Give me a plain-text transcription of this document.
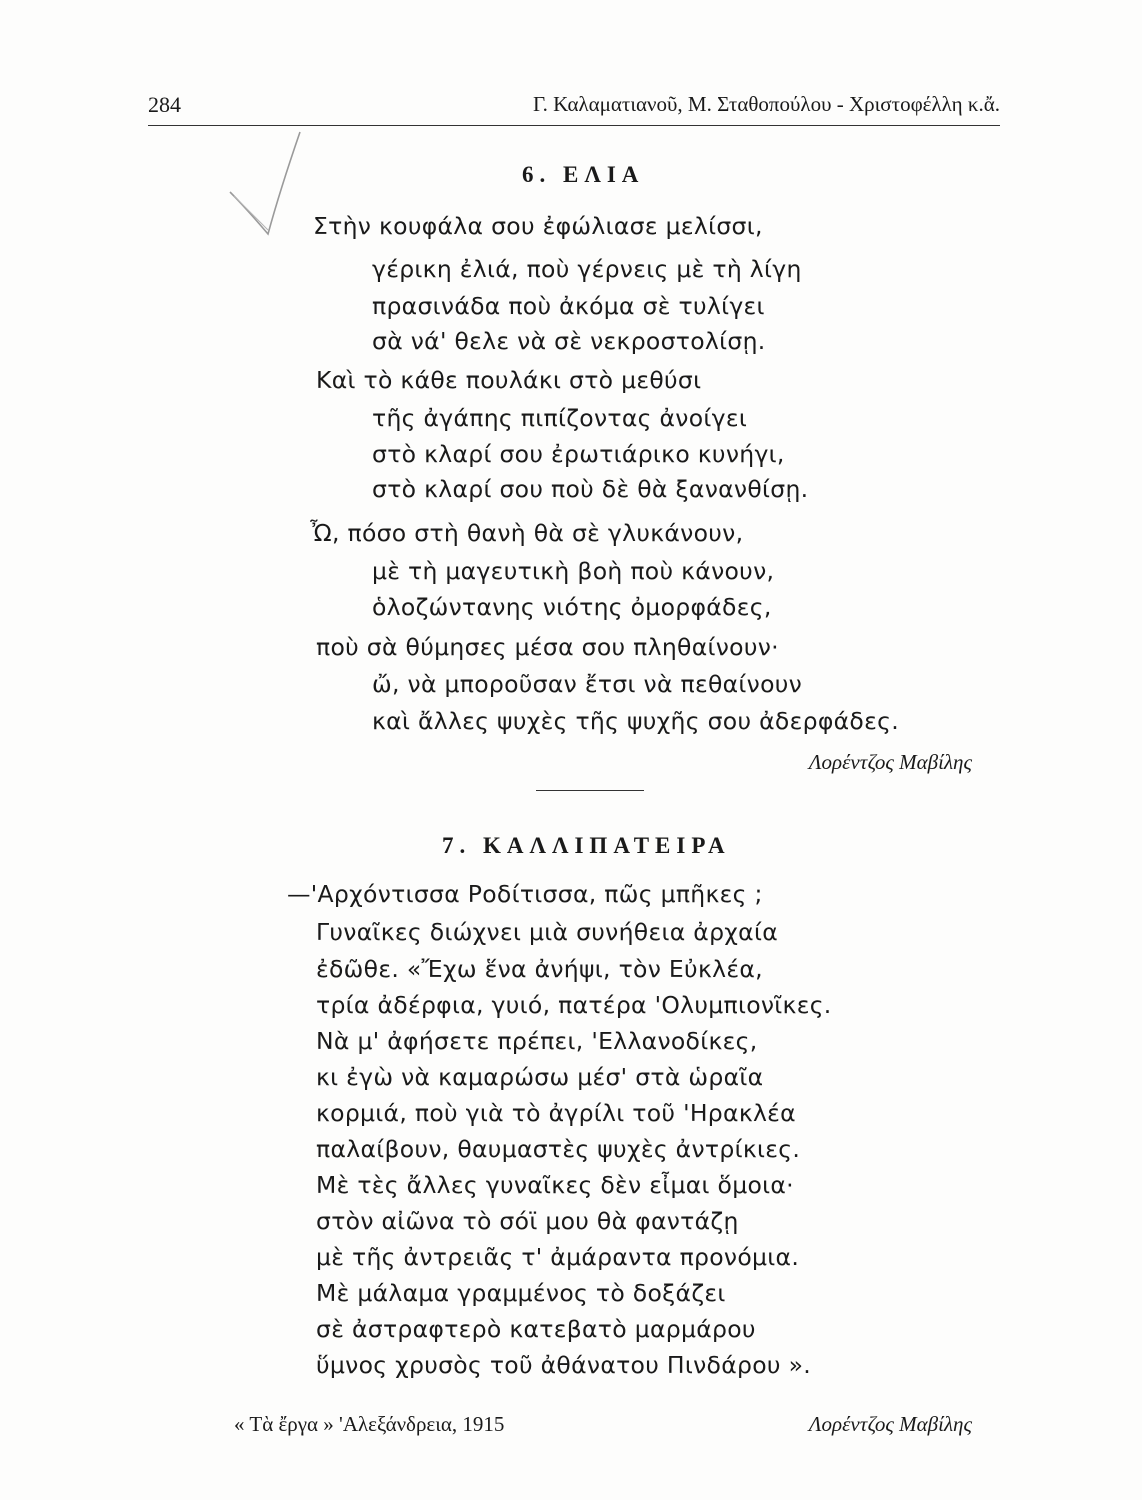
284	Γ. Καλαματιανοῦ, Μ. Σταθοπούλου - Χριστοφέλλη κ.ἄ.
6. ΕΛΙΑ
Στὴν κουφάλα σου ἐφώλιασε μελίσσι,
γέρικη ἐλιά, ποὺ γέρνεις μὲ τὴ λίγη
πρασινάδα ποὺ ἀκόμα σὲ τυλίγει
σὰ νά' θελε νὰ σὲ νεκροστολίσῃ.
Καὶ τὸ κάθε πουλάκι στὸ μεθύσι
τῆς ἀγάπης πιπίζοντας ἀνοίγει
στὸ κλαρί σου ἐρωτιάρικο κυνήγι,
στὸ κλαρί σου ποὺ δὲ θὰ ξανανθίσῃ.
Ὦ, πόσο στὴ θανὴ θὰ σὲ γλυκάνουν,
μὲ τὴ μαγευτικὴ βοὴ ποὺ κάνουν,
ὁλοζώντανης νιότης ὀμορφάδες,
ποὺ σὰ θύμησες μέσα σου πληθαίνουν·
ὤ, νὰ μποροῦσαν ἔτσι νὰ πεθαίνουν
καὶ ἄλλες ψυχὲς τῆς ψυχῆς σου ἀδερφάδες.
Λορέντζος Μαβίλης
7. ΚΑΛΛΙΠΑΤΕΙΡΑ
—'Αρχόντισσα Ροδίτισσα, πῶς μπῆκες ;
Γυναῖκες διώχνει μιὰ συνήθεια ἀρχαία
ἐδῶθε. «Ἔχω ἕνα ἀνήψι, τὸν Εὐκλέα,
τρία ἀδέρφια, γυιό, πατέρα 'Ολυμπιονῖκες.
Νὰ μ' ἀφήσετε πρέπει, 'Ελλανοδίκες,
κι ἐγὼ νὰ καμαρώσω μέσ' στὰ ὡραῖα
κορμιά, ποὺ γιὰ τὸ ἀγρίλι τοῦ 'Ηρακλέα
παλαίβουν, θαυμαστὲς ψυχὲς ἀντρίκιες.
Μὲ τὲς ἄλλες γυναῖκες δὲν εἶμαι ὅμοια·
στὸν αἰῶνα τὸ σόϊ μου θὰ φαντάζῃ
μὲ τῆς ἀντρειᾶς τ' ἀμάραντα προνόμια.
Μὲ μάλαμα γραμμένος τὸ δοξάζει
σὲ ἀστραφτερὸ κατεβατὸ μαρμάρου
ὕμνος χρυσὸς τοῦ ἀθάνατου Πινδάρου ».
« Τὰ ἔργα » 'Αλεξάνδρεια, 1915	Λορέντζος Μαβίλης
